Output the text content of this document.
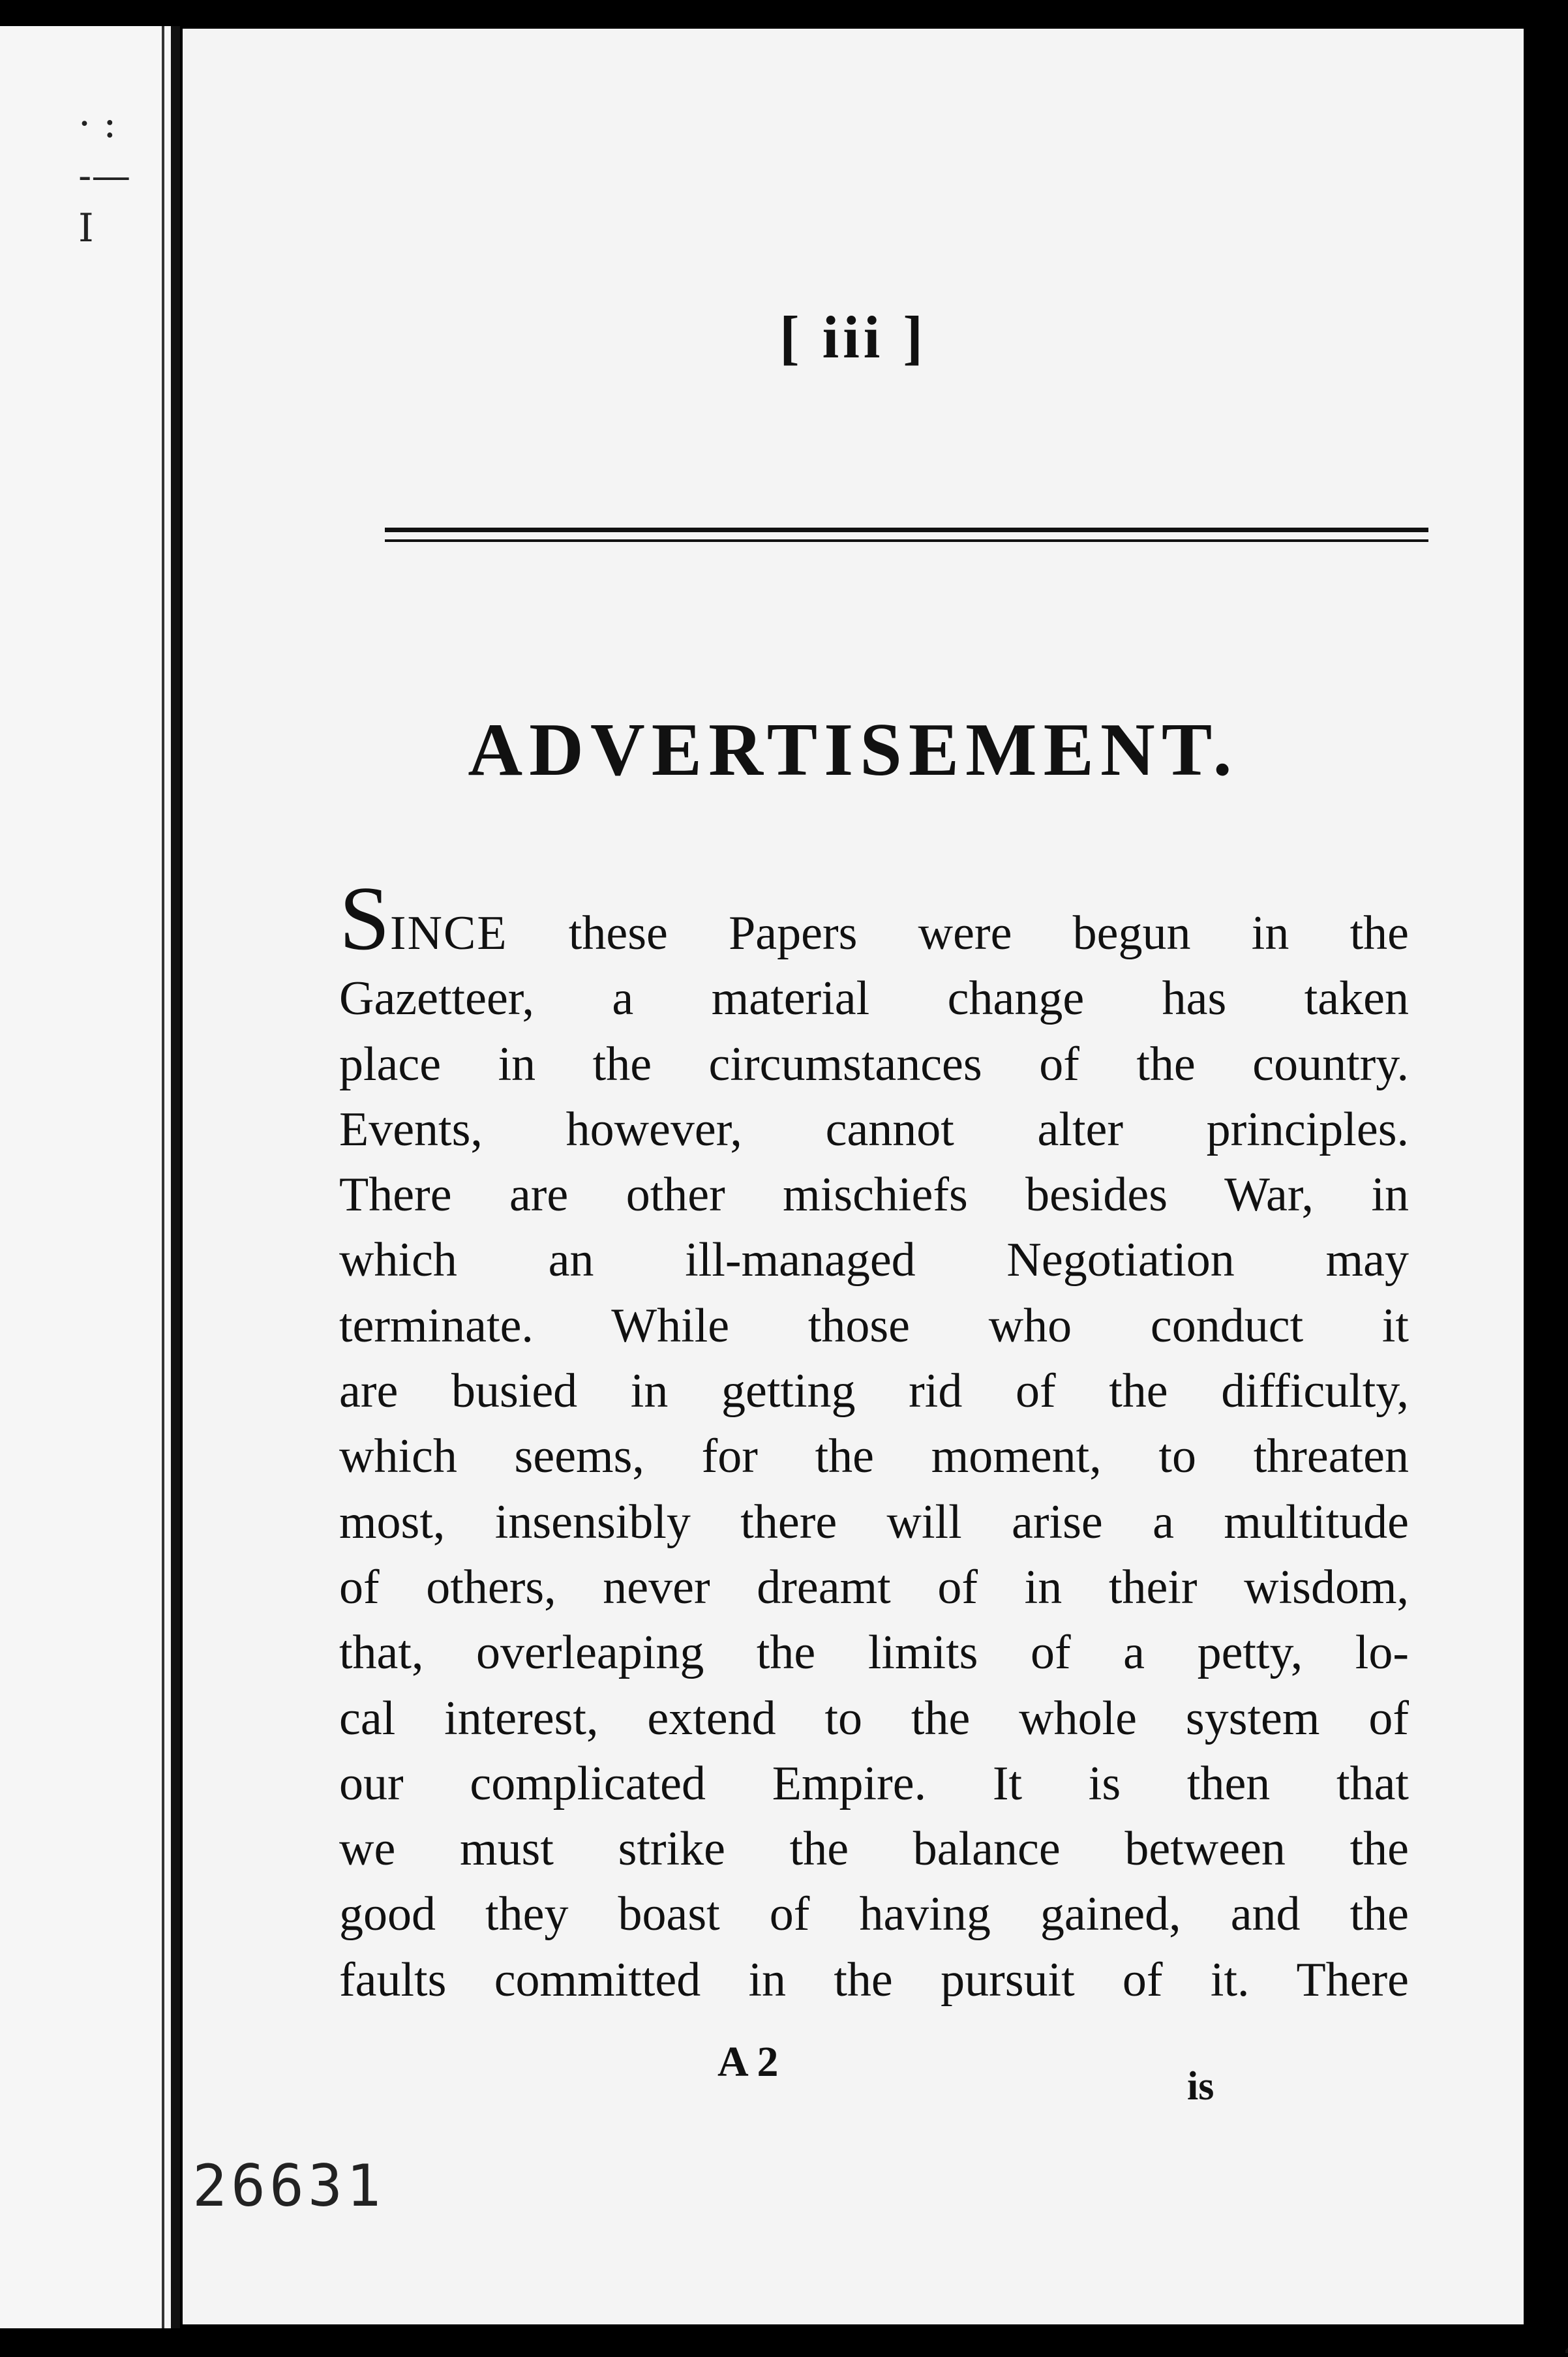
· :
-—
I
[ iii ]
ADVERTISEMENT.
SINCE these Papers were begun in the
Gazetteer, a material change has taken
place in the circumstances of the country.
Events, however, cannot alter principles.
There are other mischiefs besides War, in
which an ill-managed Negotiation may
terminate. While those who conduct it
are busied in getting rid of the difficulty,
which seems, for the moment, to threaten
most, insensibly there will arise a multitude
of others, never dreamt of in their wisdom,
that, overleaping the limits of a petty, lo-
cal interest, extend to the whole system of
our complicated Empire. It is then that
we must strike the balance between the
good they boast of having gained, and the
faults committed in the pursuit of it. There
A 2
is
26631
